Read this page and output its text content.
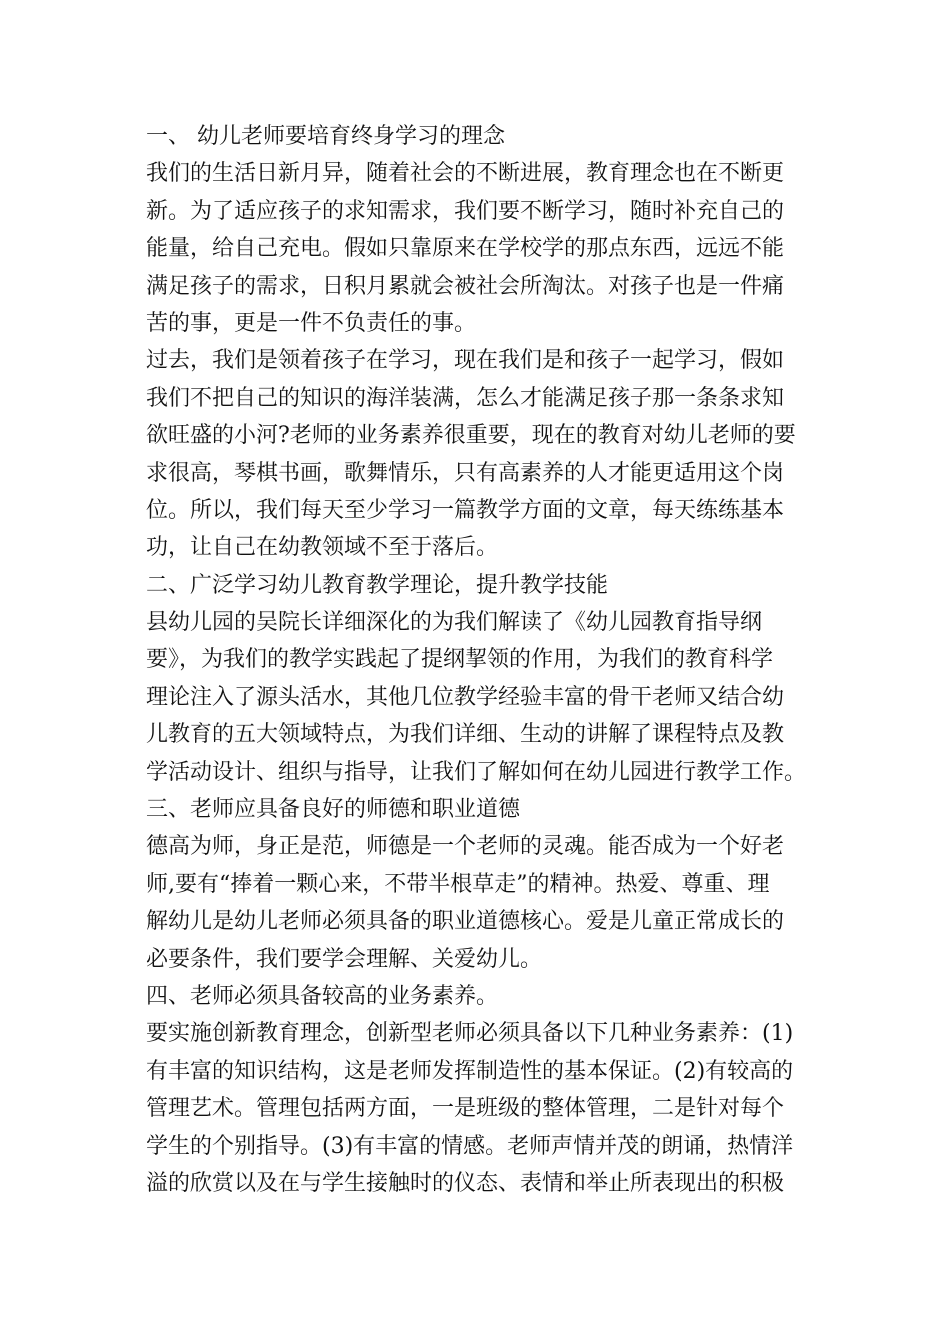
一、 幼儿老师要培育终身学习的理念
我们的生活日新月异，随着社会的不断进展，教育理念也在不断更
新。为了适应孩子的求知需求，我们要不断学习，随时补充自己的
能量，给自己充电。假如只靠原来在学校学的那点东西，远远不能
满足孩子的需求，日积月累就会被社会所淘汰。对孩子也是一件痛
苦的事，更是一件不负责任的事。
过去，我们是领着孩子在学习，现在我们是和孩子一起学习，假如
我们不把自己的知识的海洋装满，怎么才能满足孩子那一条条求知
欲旺盛的小河?老师的业务素养很重要，现在的教育对幼儿老师的要
求很高，琴棋书画，歌舞情乐，只有高素养的人才能更适用这个岗
位。所以，我们每天至少学习一篇教学方面的文章，每天练练基本
功，让自己在幼教领域不至于落后。
二、广泛学习幼儿教育教学理论，提升教学技能
县幼儿园的吴院长详细深化的为我们解读了《幼儿园教育指导纲
要》，为我们的教学实践起了提纲挈领的作用，为我们的教育科学
理论注入了源头活水，其他几位教学经验丰富的骨干老师又结合幼
儿教育的五大领域特点，为我们详细、生动的讲解了课程特点及教
学活动设计、组织与指导，让我们了解如何在幼儿园进行教学工作。
三、老师应具备良好的师德和职业道德
德高为师，身正是范，师德是一个老师的灵魂。能否成为一个好老
师,要有“捧着一颗心来，不带半根草走”的精神。热爱、尊重、理
解幼儿是幼儿老师必须具备的职业道德核心。爱是儿童正常成长的
必要条件，我们要学会理解、关爱幼儿。
四、老师必须具备较高的业务素养。
要实施创新教育理念，创新型老师必须具备以下几种业务素养：(1)
有丰富的知识结构，这是老师发挥制造性的基本保证。(2)有较高的
管理艺术。管理包括两方面，一是班级的整体管理，二是针对每个
学生的个别指导。(3)有丰富的情感。老师声情并茂的朗诵，热情洋
溢的欣赏以及在与学生接触时的仪态、表情和举止所表现出的积极
